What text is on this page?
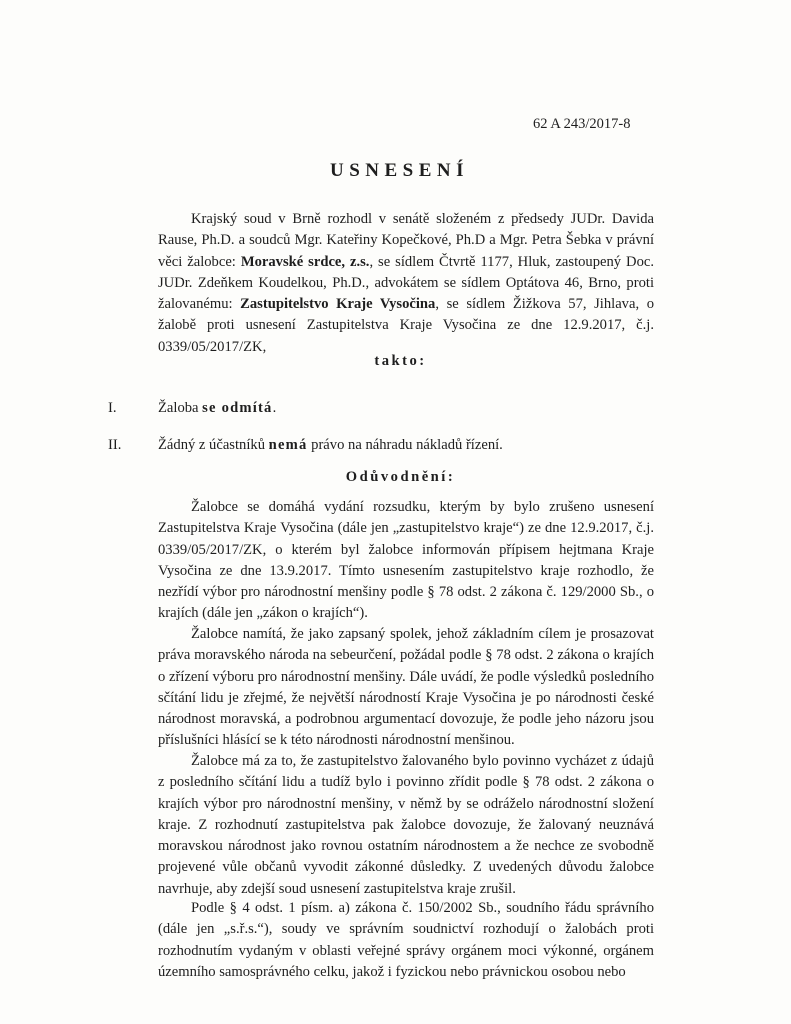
62 A 243/2017-8
USNESENÍ
Krajský soud v Brně rozhodl v senátě složeném z předsedy JUDr. Davida Rause, Ph.D. a soudců Mgr. Kateřiny Kopečkové, Ph.D a Mgr. Petra Šebka v právní věci žalobce: Moravské srdce, z.s., se sídlem Čtvrtě 1177, Hluk, zastoupený Doc. JUDr. Zdeňkem Koudelkou, Ph.D., advokátem se sídlem Optátova 46, Brno, proti žalovanému: Zastupitelstvo Kraje Vysočina, se sídlem Žižkova 57, Jihlava, o žalobě proti usnesení Zastupitelstva Kraje Vysočina ze dne 12.9.2017, č.j. 0339/05/2017/ZK,
takto:
I.	Žaloba se odmítá.
II.	Žádný z účastníků nemá právo na náhradu nákladů řízení.
Odůvodnění:
Žalobce se domáhá vydání rozsudku, kterým by bylo zrušeno usnesení Zastupitelstva Kraje Vysočina (dále jen „zastupitelstvo kraje“) ze dne 12.9.2017, č.j. 0339/05/2017/ZK, o kterém byl žalobce informován přípisem hejtmana Kraje Vysočina ze dne 13.9.2017. Tímto usnesením zastupitelstvo kraje rozhodlo, že nezřídí výbor pro národnostní menšiny podle § 78 odst. 2 zákona č. 129/2000 Sb., o krajích (dále jen „zákon o krajích“).
Žalobce namítá, že jako zapsaný spolek, jehož základním cílem je prosazovat práva moravského národa na sebeurčení, požádal podle § 78 odst. 2 zákona o krajích o zřízení výboru pro národnostní menšiny. Dále uvádí, že podle výsledků posledního sčítání lidu je zřejmé, že největší národností Kraje Vysočina je po národnosti české národnost moravská, a podrobnou argumentací dovozuje, že podle jeho názoru jsou příslušníci hlásící se k této národnosti národnostní menšinou.
Žalobce má za to, že zastupitelstvo žalovaného bylo povinno vycházet z údajů z posledního sčítání lidu a tudíž bylo i povinno zřídit podle § 78 odst. 2 zákona o krajích výbor pro národnostní menšiny, v němž by se odráželo národnostní složení kraje. Z rozhodnutí zastupitelstva pak žalobce dovozuje, že žalovaný neuznává moravskou národnost jako rovnou ostatním národnostem a že nechce ze svobodně projevené vůle občanů vyvodit zákonné důsledky. Z uvedených důvodu žalobce navrhuje, aby zdejší soud usnesení zastupitelstva kraje zrušil.
Podle § 4 odst. 1 písm. a) zákona č. 150/2002 Sb., soudního řádu správního (dále jen „s.ř.s.“), soudy ve správním soudnictví rozhodují o žalobách proti rozhodnutím vydaným v oblasti veřejné správy orgánem moci výkonné, orgánem územního samosprávného celku, jakož i fyzickou nebo právnickou osobou nebo
